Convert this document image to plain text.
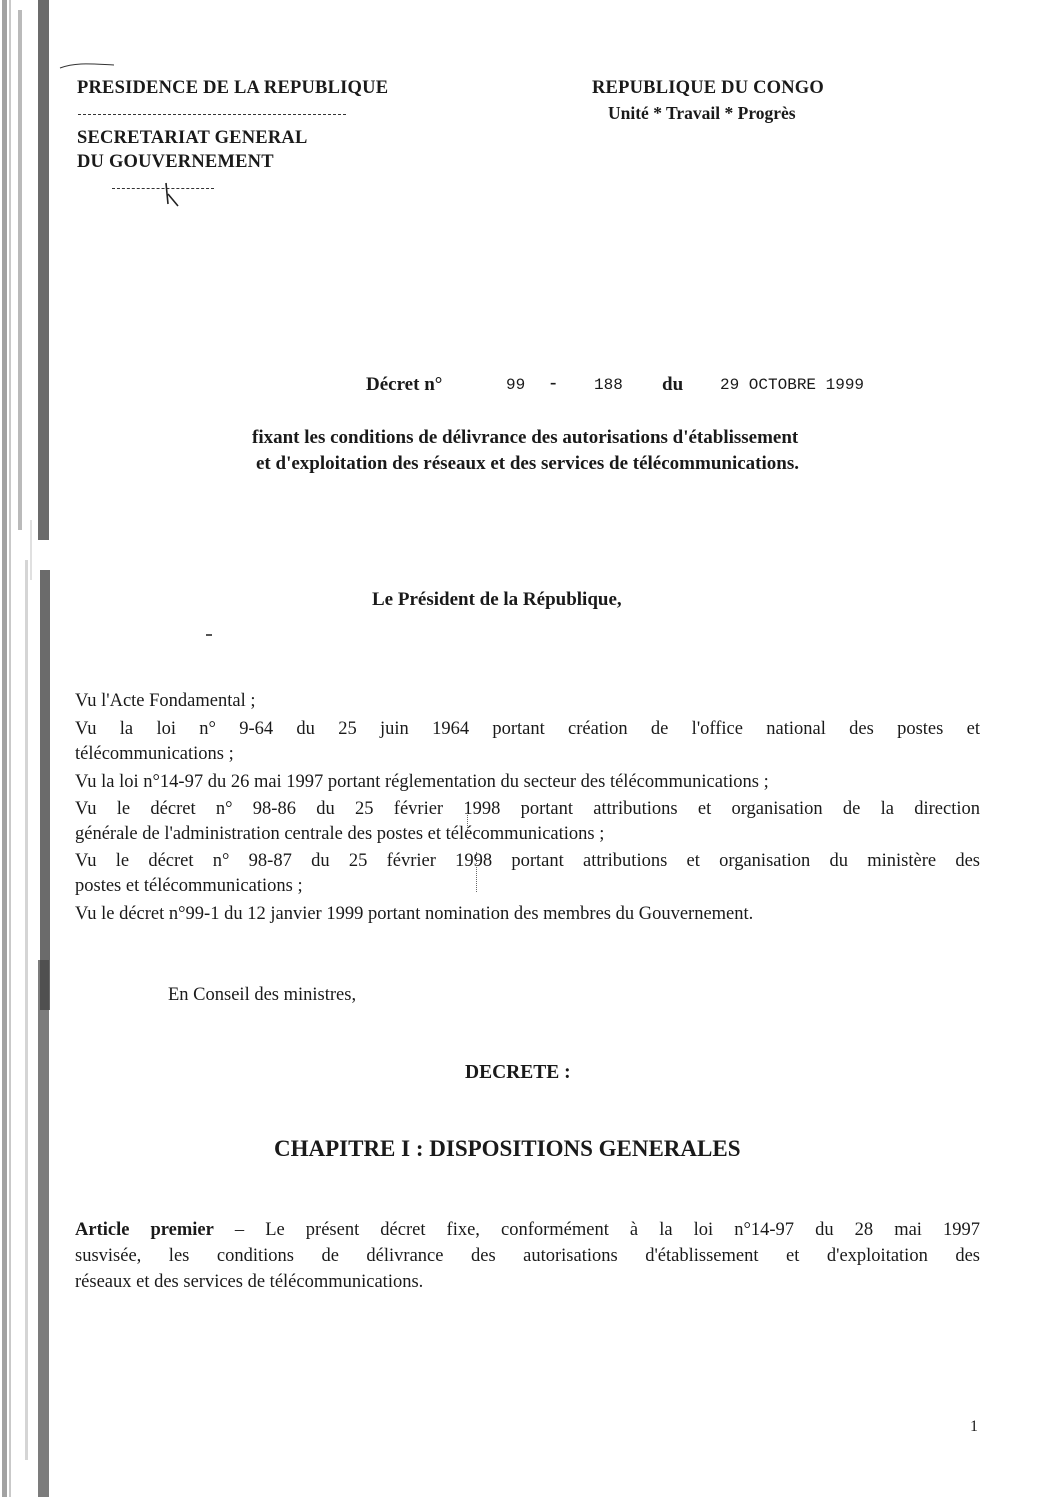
PRESIDENCE DE LA REPUBLIQUE
SECRETARIAT GENERAL
DU GOUVERNEMENT
REPUBLIQUE DU CONGO
Unité * Travail * Progrès
Décret n°	99 - 188 du 29 OCTOBRE 1999
fixant les conditions de délivrance des autorisations d'établissement
et d'exploitation des réseaux et des services de télécommunications.
Le Président de la République,
Vu l'Acte Fondamental ;
Vu la loi n° 9-64 du 25 juin 1964 portant création de l'office national des postes et
télécommunications ;
Vu la loi n°14-97 du 26 mai 1997 portant réglementation du secteur des télécommunications ;
Vu le décret n° 98-86 du 25 février 1998 portant attributions et organisation de la direction
générale de l'administration centrale des postes et télécommunications ;
Vu le décret n° 98-87 du 25 février 1998 portant attributions et organisation du ministère des
postes et télécommunications ;
Vu le décret n°99-1 du 12 janvier 1999 portant nomination des membres du Gouvernement.
En Conseil des ministres,
DECRETE :
CHAPITRE I : DISPOSITIONS GENERALES
Article premier – Le présent décret fixe, conformément à la loi n°14-97 du 28 mai 1997
susvisée, les conditions de délivrance des autorisations d'établissement et d'exploitation des
réseaux et des services de télécommunications.
1
